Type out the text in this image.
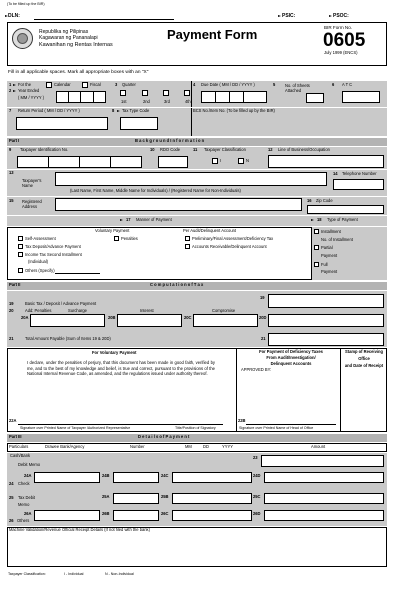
(To be filled up the BIR)
DLN:	PSIC:	PSOC:
Republika ng Pilipinas
Kagawaran ng Pananalapi
Kawanihan ng Rentas Internas
Payment Form	BIR Form No.
0605
July 1999 (ENCS)
Fill in all applicable spaces. Mark all appropriate boxes with an "X"
1 For the	Calendar	Fiscal
2 Year Ended
( MM / YYYY )
3 Quarter
1st	2nd	3rd	4th
4 Due Date ( MM / DD / YYYY )	5 No. of Sheets Attached
6 A T C
7 Return Period ( MM / DD / YYYY )	8 Tax Type Code	BCS No./Item No. (To be filled up by the BIR)
Part I	B a c k g r o u n d I n f o r m a t i o n
9 Taxpayer Identification No.	10 RDO Code	11 Taxpayer Classification
I	N
12 Line of Business/Occupation
13
Taxpayer's Name
(Last Name, First Name, Middle Name for Individuals) / (Registered Name for Non-Individuals)
14 Telephone Number
15 Registered Address
16 Zip Code
17 Manner of Payment	18 Type of Payment
Voluntary Payment
Self-Assessment	Penalties
Tax Deposit/Advance Payment
Income Tax Second Installment
(Individual)
Others (Specify)
Per Audit/Delinquent Account
Preliminary/Final Assessment/Deficiency Tax
Accounts Receivable/Delinquent Account
Installment
No. of Installment
Partial
Payment
Full
Payment
Part II	C o m p u t a t i o n o f T a x
19	Basic Tax / Deposit / Advance Payment
19
20	Add: Penalties	Surcharge	Interest	Compromise
20A	20B	20C	20D
21	Total Amount Payable (Sum of Items 19 & 20D)	21
For Voluntary Payment
I declare, under the penalties of perjury, that this document has been made in good faith, verified by me, and to the best of my knowledge and belief, is true and correct, pursuant to the provisions of the National Internal Revenue Code, as amended, and the regulations issued under authority thereof.
For Payment of Deficiency Taxes
From Audit/Investigation/
Delinquent Accounts
APPROVED BY:
Stamp of Receiving
Office
and Date of Receipt
22A
Signature over Printed Name of Taxpayer /Authorized Representative	Title/Position of Signatory
22B
Signature over Printed Name of Head of Office
Part III	D e t a i l s o f P a y m e n t
Particulars	Drawee Bank/Agency	Number	MM	DD	YYYY	Amount
Cash/Bank
Debit Memo
23
24 Check
24A	24B	24C	24D
25 Tax Debit
Memo
25A	25B	25C
26 Others
26A	26B	26C	26D
Machine Validation/Revenue Official Receipt Details (If not filed with the bank)
Taxpayer Classification:	I - Individual	N - Non-Individual
